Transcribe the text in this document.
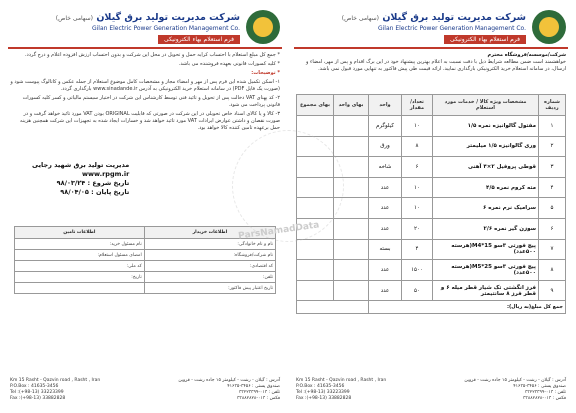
شرکت مدیریت تولید برق گیلان (سهامی خاص)
Gilan Electric Power Generation Management Co.
فرم استعلام بهاء الکترونیکی
شرکت/موسسه/فروشگاه محترم
خواهشمند است ضمن مطالعه شرایط ذیل با دقت نسبت به اعلام بهترین پیشنهاد خود در این برگ اقدام و پس از مهر، امضاء و ارسال، در سامانه استعلام خرید الکترونیکی بارگذاری نمایید. ارائه قیمت طی پیش فاکتور به تنهایی مورد قبول نمی باشد.
شماره ردیف	مشخصات ویژه کالا / خدمات مورد استعلام	تعداد/ مقدار	واحد	بهای واحد	بهای مجموع
۱	مفتول گالوانیزه نمره ۱/۵	۱۰	کیلوگرم		
۲	وری گالوانیزه ۱/۵ میلیمتر	۸	ورق		
۳	قوطی پروفیل ۲×۴ آهنی	۶	شاخه		
۴	مته کروم نمره ۴/۵	۱۰	عدد		
۵	سرامیک نرم نمره ۶	۱۰	عدد		
۶	سوزن گیر نمره ۲/۶	۲۰	عدد		
۷	پیچ فورتی ۳سو 15*M4(هرسته ۵۰۰عدد)	۴	بسته		
۸	پیچ فورتی ۳سو 25*M5(هرسته ۵۰۰عدد)	۱۵۰۰	عدد		
۹	فرز انگشتی تک شیار قطر میله ۶ و قطر فرز ۸ سانتیمتر	۵۰	عدد		
جمع کل مبلغ(به ریال):					
Km 15 Rasht - Qazvin road , Rasht , Iran
P.O.Box : 41635-3456
Tel :(+98-13) 33223399
Fax :(+98-13) 33882828
آدرس : گیلان - رشت - کیلومتر ۱۵ جاده رشت - قزوین
صندوق پستی : ۳۴۵۶-۴۱۶۳۵
تلفن : ۰۱۳-۳۳۲۲۳۳۹۹
فکس : ۰۱۳-۳۳۸۸۲۸۲۸
شرکت مدیریت تولید برق گیلان (سهامی خاص)
Gilan Electric Power Generation Management Co.
فرم استعلام بهاء الکترونیکی

* جمع کل مبلغ استعلام با احتساب کرایه حمل و تحویل در محل این شرکت و بدون احتساب ارزش افزوده اعلام و درج گردد.

* کلیه کسورات قانونی بعهده فروشنده می باشد.

* توضیحات:

۱- اسکن تکمیل شده این فرم پس از مهر و امضاء مجاز و مشخصات کامل موضوع استعلام از جمله عکس و کاتالوگ پیوست شود و (صورت یک فایل PDF) در سامانه استعلام خرید الکترونیکی به آدرس www.sinadande.ir بارگذاری گردد.

۲- کد پهنای VAT دخالت پس از تحویل و تائید فنی توسط کارشناس این شرکت در اختیار سیستم مالیاتی و کسر کلیه کسورات قانونی پرداخت می شود.

۳- کالا و یا کالای اسناد خاص تحویلی در این شرکت در صورتی که قابلیت ORIGINAL بودن VAT مورد تائید خواهد گرفت و در صورت نقصان و داشتن عوارض ایرادات VAT مورد تائید خواهد شد و خسارات ایجاد شده به تجهیزات این شرکت همچنین هزینه حمل برعهده تامین کننده کالا خواهد بود.

مدیریت تولید برق شهید رجایی
www.rpgm.ir
تاریخ شروع : ۹۸/۰۳/۲۴
تاریخ پایان : ۹۸/۰۴/۰۵
اطلاعات خریدار	اطلاعات تامین
نام و نام خانوادگی:	نام مسئول خرید:
نام شرکت/فروشگاه:	امضای مسئول استعلام:
کد اقتصادی:	کد ملی:
تلفن:	تاریخ:
تاریخ اعتبار پیش فاکتور:	
Km 15 Rasht - Qazvin road , Rasht , Iran
P.O.Box : 41635-3456
Tel :(+98-13) 33223399
Fax :(+98-13) 33882828
آدرس : گیلان - رشت - کیلومتر ۱۵ جاده رشت - قزوین
صندوق پستی : ۳۴۵۶-۴۱۶۳۵
تلفن : ۰۱۳-۳۳۲۲۳۳۹۹
فکس : ۰۱۳-۳۳۸۸۲۸۲۸
ParsNamadData
